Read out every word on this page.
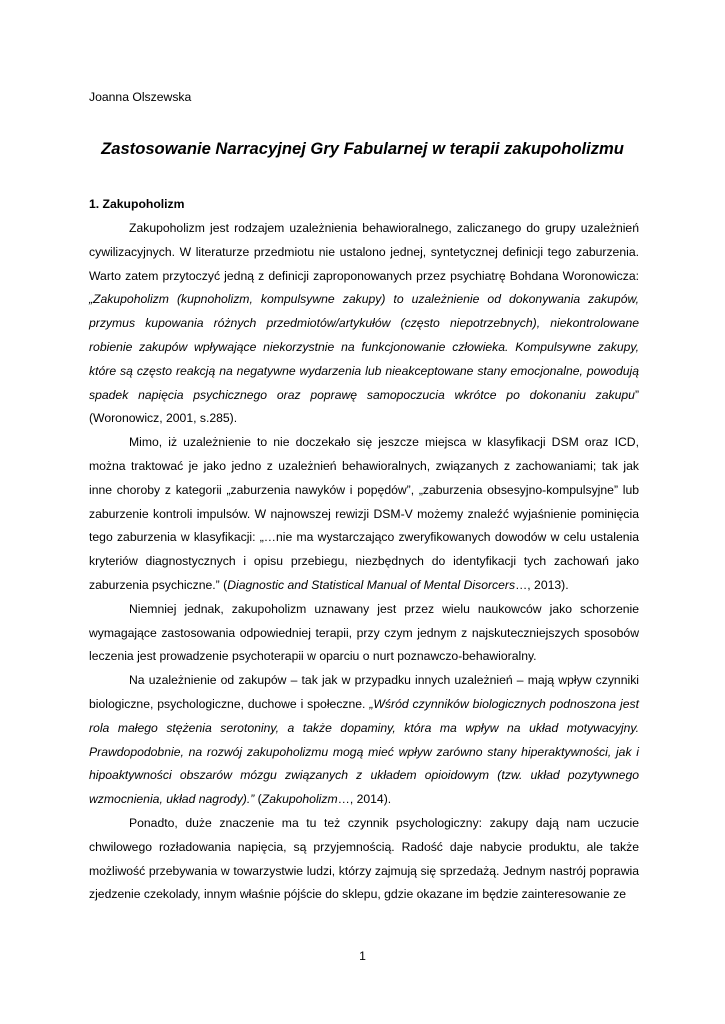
Joanna Olszewska
Zastosowanie Narracyjnej Gry Fabularnej w terapii zakupoholizmu
1. Zakupoholizm

Zakupoholizm jest rodzajem uzależnienia behawioralnego, zaliczanego do grupy uzależnień cywilizacyjnych. W literaturze przedmiotu nie ustalono jednej, syntetycznej definicji tego zaburzenia. Warto zatem przytoczyć jedną z definicji zaproponowanych przez psychiatrę Bohdana Woronowicza: „Zakupoholizm (kupnoholizm, kompulsywne zakupy) to uzależnienie od dokonywania zakupów, przymus kupowania różnych przedmiotów/artykułów (często niepotrzebnych), niekontrolowane robienie zakupów wpływające niekorzystnie na funkcjonowanie człowieka. Kompulsywne zakupy, które są często reakcją na negatywne wydarzenia lub nieakceptowane stany emocjonalne, powodują spadek napięcia psychicznego oraz poprawę samopoczucia wkrótce po dokonaniu zakupu” (Woronowicz, 2001, s.285).

Mimo, iż uzależnienie to nie doczekało się jeszcze miejsca w klasyfikacji DSM oraz ICD, można traktować je jako jedno z uzależnień behawioralnych, związanych z zachowaniami; tak jak inne choroby z kategorii „zaburzenia nawyków i popędów”, „zaburzenia obsesyjno-kompulsyjne” lub zaburzenie kontroli impulsów. W najnowszej rewizji DSM-V możemy znaleźć wyjaśnienie pominięcia tego zaburzenia w klasyfikacji: „…nie ma wystarczająco zweryfikowanych dowodów w celu ustalenia kryteriów diagnostycznych i opisu przebiegu, niezbędnych do identyfikacji tych zachowań jako zaburzenia psychiczne.” (Diagnostic and Statistical Manual of Mental Disorcers…, 2013).

Niemniej jednak, zakupoholizm uznawany jest przez wielu naukowców jako schorzenie wymagające zastosowania odpowiedniej terapii, przy czym jednym z najskuteczniejszych sposobów leczenia jest prowadzenie psychoterapii w oparciu o nurt poznawczo-behawioralny.

Na uzależnienie od zakupów – tak jak w przypadku innych uzależnień – mają wpływ czynniki biologiczne, psychologiczne, duchowe i społeczne. „Wśród czynników biologicznych podnoszona jest rola małego stężenia serotoniny, a także dopaminy, która ma wpływ na układ motywacyjny. Prawdopodobnie, na rozwój zakupoholizmu mogą mieć wpływ zarówno stany hiperaktywności, jak i hipoaktywności obszarów mózgu związanych z układem opioidowym (tzw. układ pozytywnego wzmocnienia, układ nagrody).” (Zakupoholizm…, 2014).

Ponadto, duże znaczenie ma tu też czynnik psychologiczny: zakupy dają nam uczucie chwilowego rozładowania napięcia, są przyjemnością. Radość daje nabycie produktu, ale także możliwość przebywania w towarzystwie ludzi, którzy zajmują się sprzedażą. Jednym nastrój poprawia zjedzenie czekolady, innym właśnie pójście do sklepu, gdzie okazane im będzie zainteresowanie ze

1
